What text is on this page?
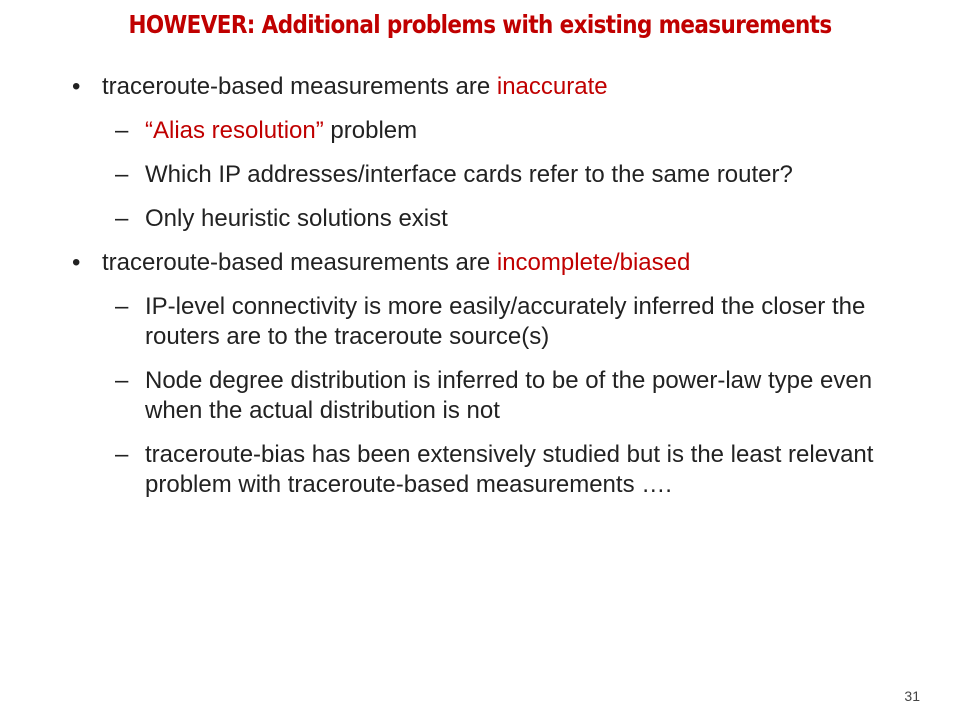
HOWEVER: Additional problems with existing measurements
• traceroute-based measurements are inaccurate
– “Alias resolution” problem
– Which IP addresses/interface cards refer to the same router?
– Only heuristic solutions exist
• traceroute-based measurements are incomplete/biased
– IP-level connectivity is more easily/accurately inferred the closer the routers are to the traceroute source(s)
– Node degree distribution is inferred to be of the power-law type even when the actual distribution is not
– traceroute-bias has been extensively studied but is the least relevant problem with traceroute-based measurements ….
31
